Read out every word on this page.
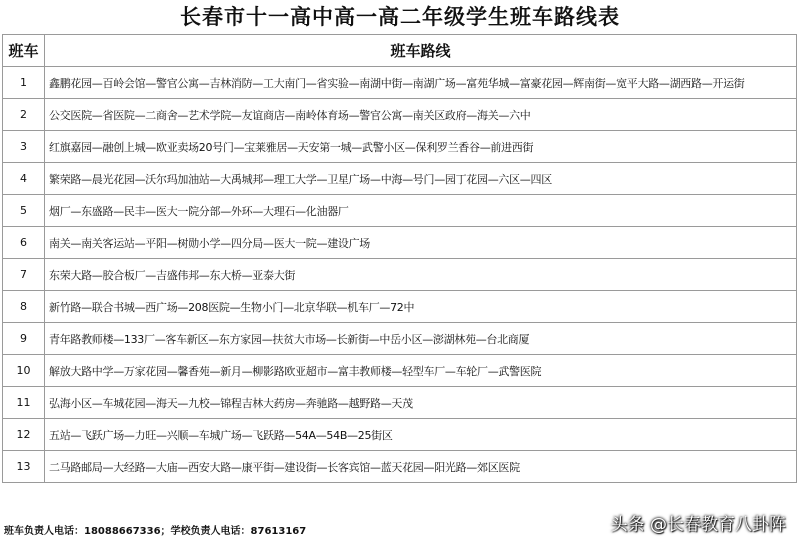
长春市十一高中高一高二年级学生班车路线表
班车	班车路线
1	鑫鹏花园—百岭会馆—警官公寓—吉林消防—工大南门—省实验—南湖中街—南湖广场—富苑华城—富豪花园—辉南街—宽平大路—湖西路—开运街
2	公交医院—省医院—二商舍—艺术学院—友谊商店—南岭体育场—警官公寓—南关区政府—海关—六中
3	红旗嘉园—融创上城—欧亚卖场20号门—宝莱雅居—天安第一城—武警小区—保利罗兰香谷—前进西街
4	繁荣路—晨光花园—沃尔玛加油站—大禹城邦—理工大学—卫星广场—中海—号门—园丁花园—六区—四区
5	烟厂—东盛路—民丰—医大一院分部—外环—大理石—化油器厂
6	南关—南关客运站—平阳—树勋小学—四分局—医大一院—建设广场
7	东荣大路—胶合板厂—吉盛伟邦—东大桥—亚泰大街
8	新竹路—联合书城—西广场—208医院—生物小门—北京华联—机车厂—72中
9	青年路教师楼—133厂—客车新区—东方家园—扶贫大市场—长新街—中岳小区—澎湖林苑—台北商厦
10	解放大路中学—万家花园—馨香苑—新月—柳影路欧亚超市—富丰教师楼—轻型车厂—车轮厂—武警医院
11	弘海小区—车城花园—海天—九校—锦程吉林大药房—奔驰路—越野路—天茂
12	五站—飞跃广场—力旺—兴顺—车城广场—飞跃路—54A—54B—25街区
13	二马路邮局—大经路—大庙—西安大路—康平街—建设街—长客宾馆—蓝天花园—阳光路—郊区医院
班车负责人电话：18088667336；学校负责人电话：87613167	头条 @长春教育八卦阵
